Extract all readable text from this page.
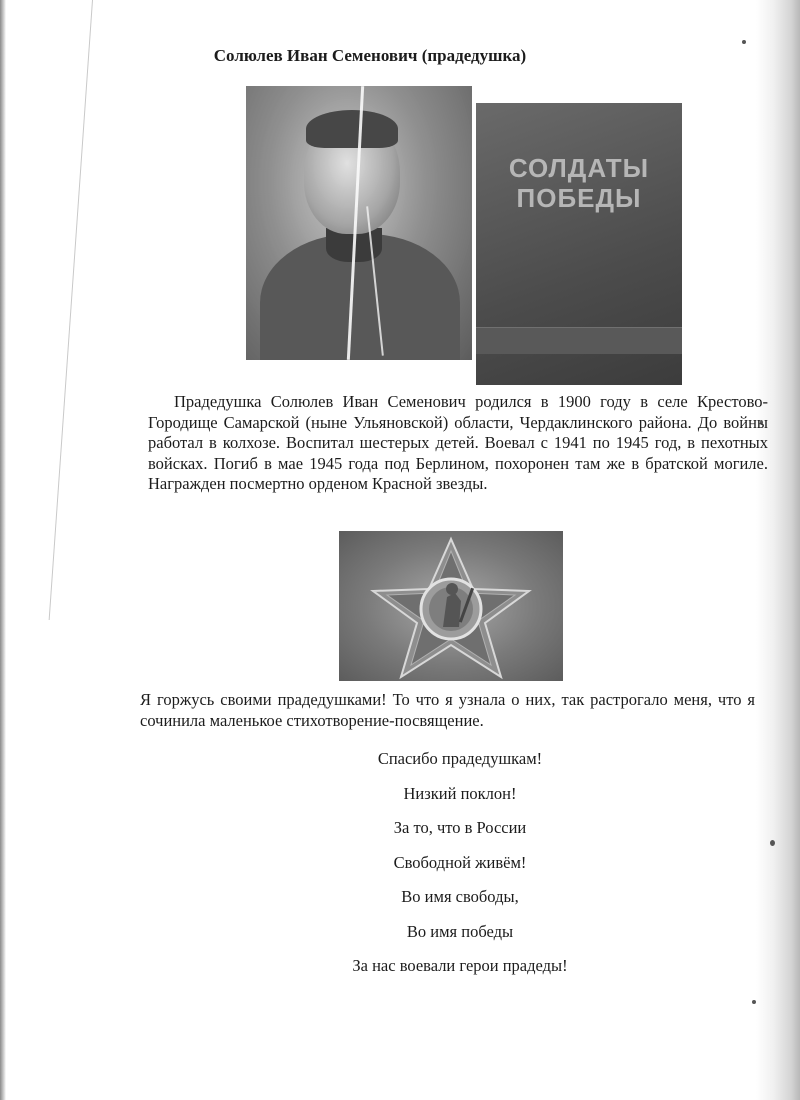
Солюлев Иван Семенович (прадедушка)
СОЛДАТЫ
ПОБЕДЫ
Прадедушка Солюлев Иван Семенович родился в 1900 году в селе Крестово-Городище Самарской (ныне Ульяновской) области, Чердаклинского района. До войны работал в колхозе. Воспитал шестерых детей. Воевал с 1941 по 1945 год, в пехотных войсках. Погиб в мае 1945 года под Берлином, похоронен там же в братской могиле. Награжден посмертно орденом Красной звезды.
Я горжусь своими прадедушками! То что я узнала о них, так растрогало меня, что я сочинила маленькое стихотворение-посвящение.
Спасибо прадедушкам!
Низкий поклон!
За то, что в России
Свободной живём!
Во имя свободы,
Во имя победы
За нас воевали герои прадеды!
